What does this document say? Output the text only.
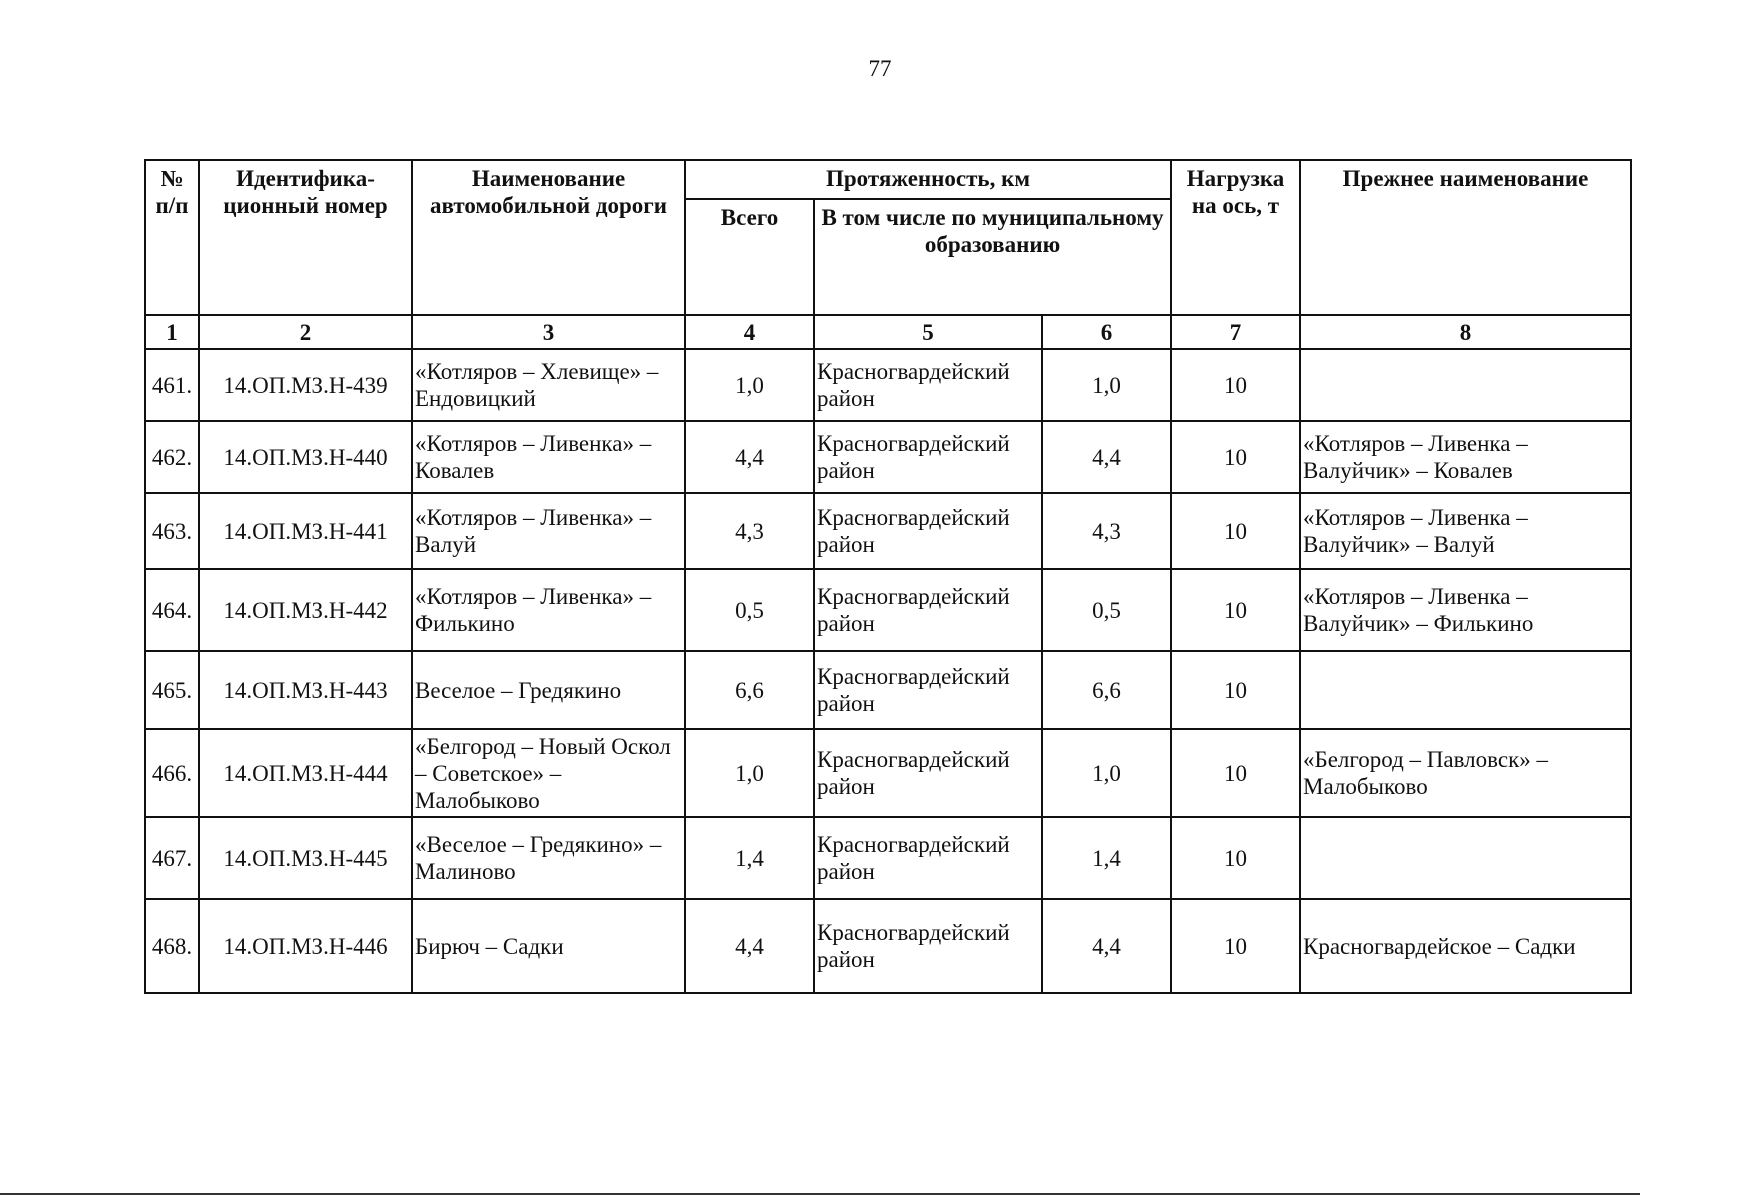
77
№ п/п	Идентифика-ционный номер	Наименование автомобильной дороги	Протяженность, км			Нагрузка на ось, т	Прежнее наименование
			Всего	В том числе по муниципальному образованию			
1	2	3	4	5	6	7	8
461.	14.ОП.МЗ.Н-439	«Котляров – Хлевище» – Ендовицкий	1,0	Красногвардейский район	1,0	10	
462.	14.ОП.МЗ.Н-440	«Котляров – Ливенка» – Ковалев	4,4	Красногвардейский район	4,4	10	«Котляров – Ливенка – Валуйчик» – Ковалев
463.	14.ОП.МЗ.Н-441	«Котляров – Ливенка» – Валуй	4,3	Красногвардейский район	4,3	10	«Котляров – Ливенка – Валуйчик» – Валуй
464.	14.ОП.МЗ.Н-442	«Котляров – Ливенка» – Филькино	0,5	Красногвардейский район	0,5	10	«Котляров – Ливенка – Валуйчик» – Филькино
465.	14.ОП.МЗ.Н-443	Веселое – Гредякино	6,6	Красногвардейский район	6,6	10	
466.	14.ОП.МЗ.Н-444	«Белгород – Новый Оскол – Советское» – Малобыково	1,0	Красногвардейский район	1,0	10	«Белгород – Павловск» – Малобыково
467.	14.ОП.МЗ.Н-445	«Веселое – Гредякино» – Малиново	1,4	Красногвардейский район	1,4	10	
468.	14.ОП.МЗ.Н-446	Бирюч – Садки	4,4	Красногвардейский район	4,4	10	Красногвардейское – Садки
